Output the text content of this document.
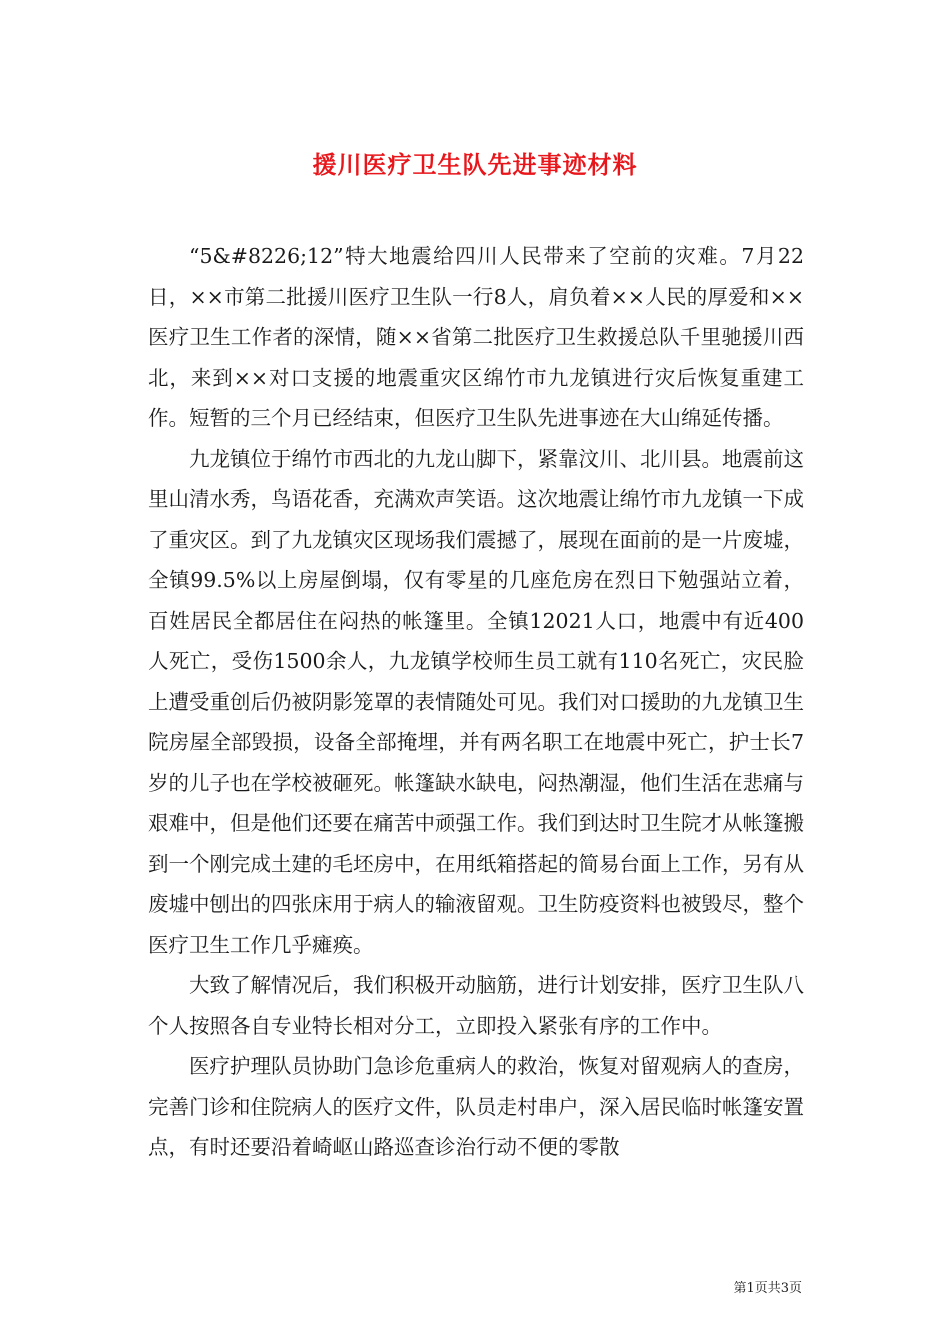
援川医疗卫生队先进事迹材料

“5&#8226;12”特大地震给四川人民带来了空前的灾难。7月22日，××市第二批援川医疗卫生队一行8人，肩负着××人民的厚爱和××医疗卫生工作者的深情，随××省第二批医疗卫生救援总队千里驰援川西北，来到××对口支援的地震重灾区绵竹市九龙镇进行灾后恢复重建工作。短暂的三个月已经结束，但医疗卫生队先进事迹在大山绵延传播。

九龙镇位于绵竹市西北的九龙山脚下，紧靠汶川、北川县。地震前这里山清水秀，鸟语花香，充满欢声笑语。这次地震让绵竹市九龙镇一下成了重灾区。到了九龙镇灾区现场我们震撼了，展现在面前的是一片废墟，全镇99.5%以上房屋倒塌，仅有零星的几座危房在烈日下勉强站立着，百姓居民全都居住在闷热的帐篷里。全镇12021人口，地震中有近400人死亡，受伤1500余人，九龙镇学校师生员工就有110名死亡，灾民脸上遭受重创后仍被阴影笼罩的表情随处可见。我们对口援助的九龙镇卫生院房屋全部毁损，设备全部掩埋，并有两名职工在地震中死亡，护士长7岁的儿子也在学校被砸死。帐篷缺水缺电，闷热潮湿，他们生活在悲痛与艰难中，但是他们还要在痛苦中顽强工作。我们到达时卫生院才从帐篷搬到一个刚完成土建的毛坯房中，在用纸箱搭起的简易台面上工作，另有从废墟中刨出的四张床用于病人的输液留观。卫生防疫资料也被毁尽，整个医疗卫生工作几乎瘫痪。

大致了解情况后，我们积极开动脑筋，进行计划安排，医疗卫生队八个人按照各自专业特长相对分工，立即投入紧张有序的工作中。

医疗护理队员协助门急诊危重病人的救治，恢复对留观病人的查房，完善门诊和住院病人的医疗文件，队员走村串户，深入居民临时帐篷安置点，有时还要沿着崎岖山路巡查诊治行动不便的零散

第1页共3页
